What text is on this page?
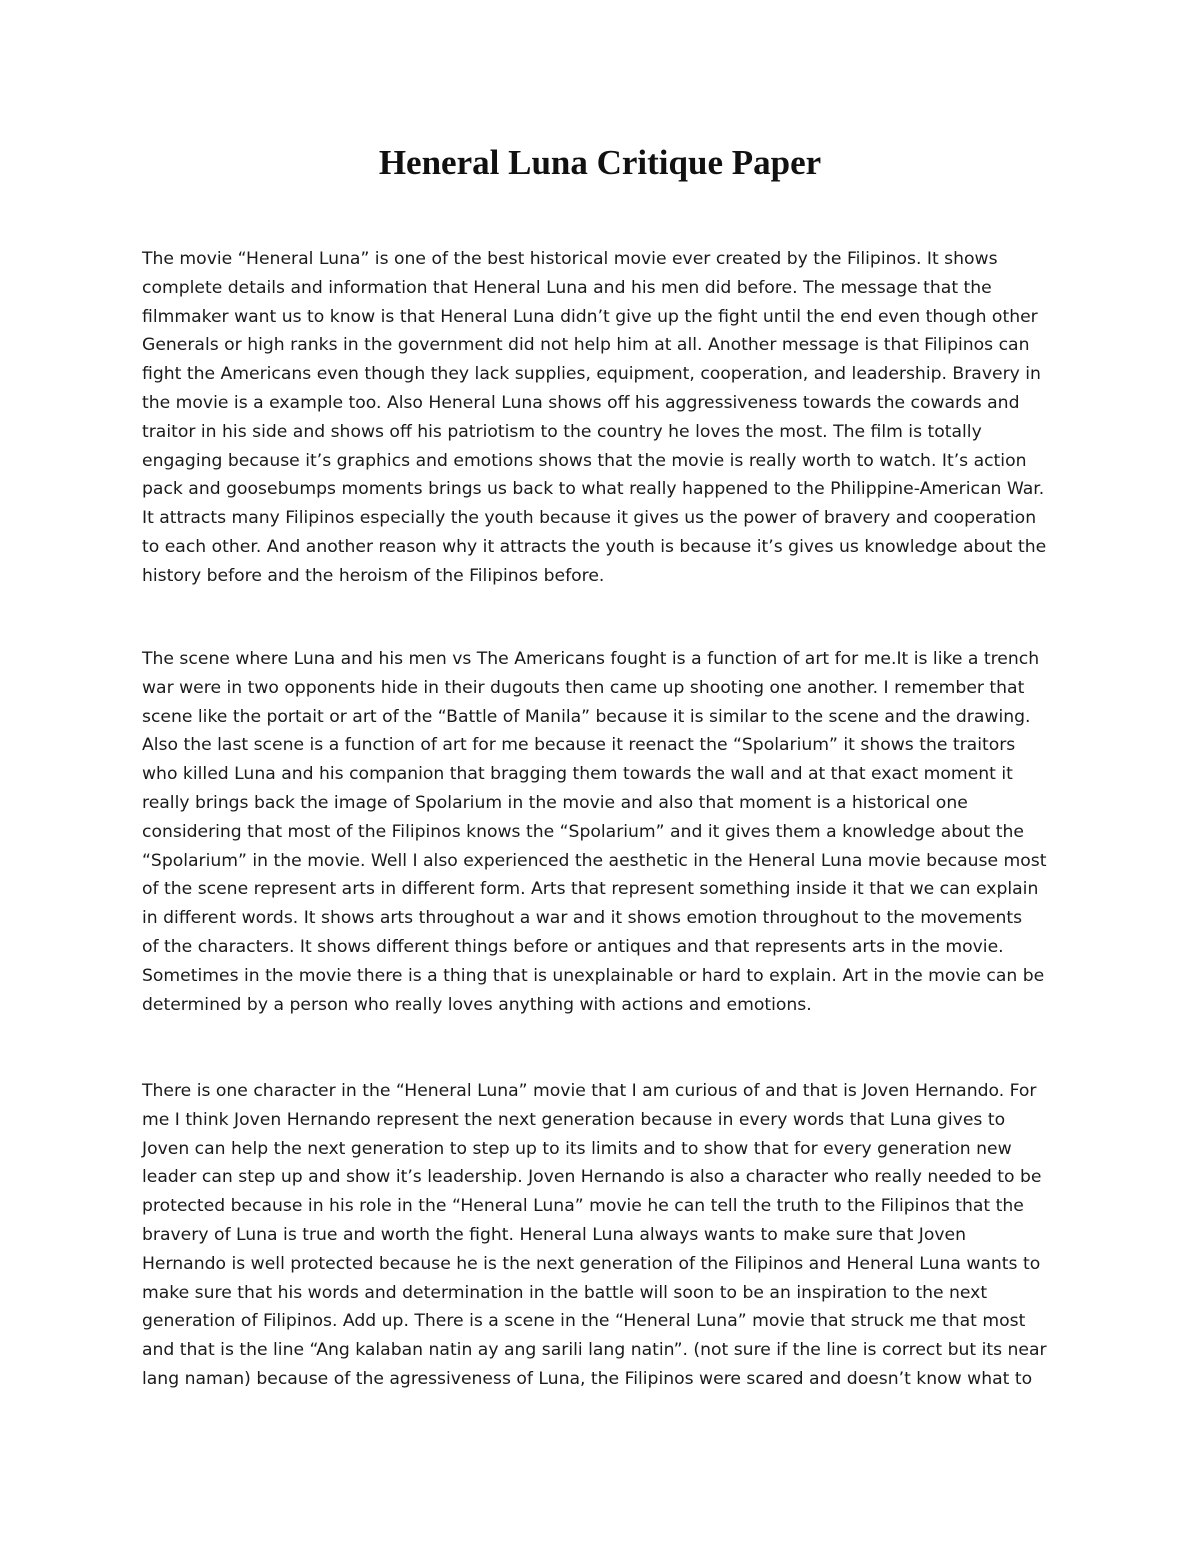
Heneral Luna Critique Paper
The movie “Heneral Luna” is one of the best historical movie ever created by the Filipinos. It shows
complete details and information that Heneral Luna and his men did before. The message that the
filmmaker want us to know is that Heneral Luna didn’t give up the fight until the end even though other
Generals or high ranks in the government did not help him at all. Another message is that Filipinos can
fight the Americans even though they lack supplies, equipment, cooperation, and leadership. Bravery in
the movie is a example too. Also Heneral Luna shows off his aggressiveness towards the cowards and
traitor in his side and shows off his patriotism to the country he loves the most. The film is totally
engaging because it’s graphics and emotions shows that the movie is really worth to watch. It’s action
pack and goosebumps moments brings us back to what really happened to the Philippine-American War.
It attracts many Filipinos especially the youth because it gives us the power of bravery and cooperation
to each other. And another reason why it attracts the youth is because it’s gives us knowledge about the
history before and the heroism of the Filipinos before.
The scene where Luna and his men vs The Americans fought is a function of art for me.It is like a trench
war were in two opponents hide in their dugouts then came up shooting one another. I remember that
scene like the portait or art of the “Battle of Manila” because it is similar to the scene and the drawing.
Also the last scene is a function of art for me because it reenact the “Spolarium” it shows the traitors
who killed Luna and his companion that bragging them towards the wall and at that exact moment it
really brings back the image of Spolarium in the movie and also that moment is a historical one
considering that most of the Filipinos knows the “Spolarium” and it gives them a knowledge about the
“Spolarium” in the movie. Well I also experienced the aesthetic in the Heneral Luna movie because most
of the scene represent arts in different form. Arts that represent something inside it that we can explain
in different words. It shows arts throughout a war and it shows emotion throughout to the movements
of the characters. It shows different things before or antiques and that represents arts in the movie.
Sometimes in the movie there is a thing that is unexplainable or hard to explain. Art in the movie can be
determined by a person who really loves anything with actions and emotions.
There is one character in the “Heneral Luna” movie that I am curious of and that is Joven Hernando. For
me I think Joven Hernando represent the next generation because in every words that Luna gives to
Joven can help the next generation to step up to its limits and to show that for every generation new
leader can step up and show it’s leadership. Joven Hernando is also a character who really needed to be
protected because in his role in the “Heneral Luna” movie he can tell the truth to the Filipinos that the
bravery of Luna is true and worth the fight. Heneral Luna always wants to make sure that Joven
Hernando is well protected because he is the next generation of the Filipinos and Heneral Luna wants to
make sure that his words and determination in the battle will soon to be an inspiration to the next
generation of Filipinos. Add up. There is a scene in the “Heneral Luna” movie that struck me that most
and that is the line “Ang kalaban natin ay ang sarili lang natin”. (not sure if the line is correct but its near
lang naman) because of the agressiveness of Luna, the Filipinos were scared and doesn’t know what to
